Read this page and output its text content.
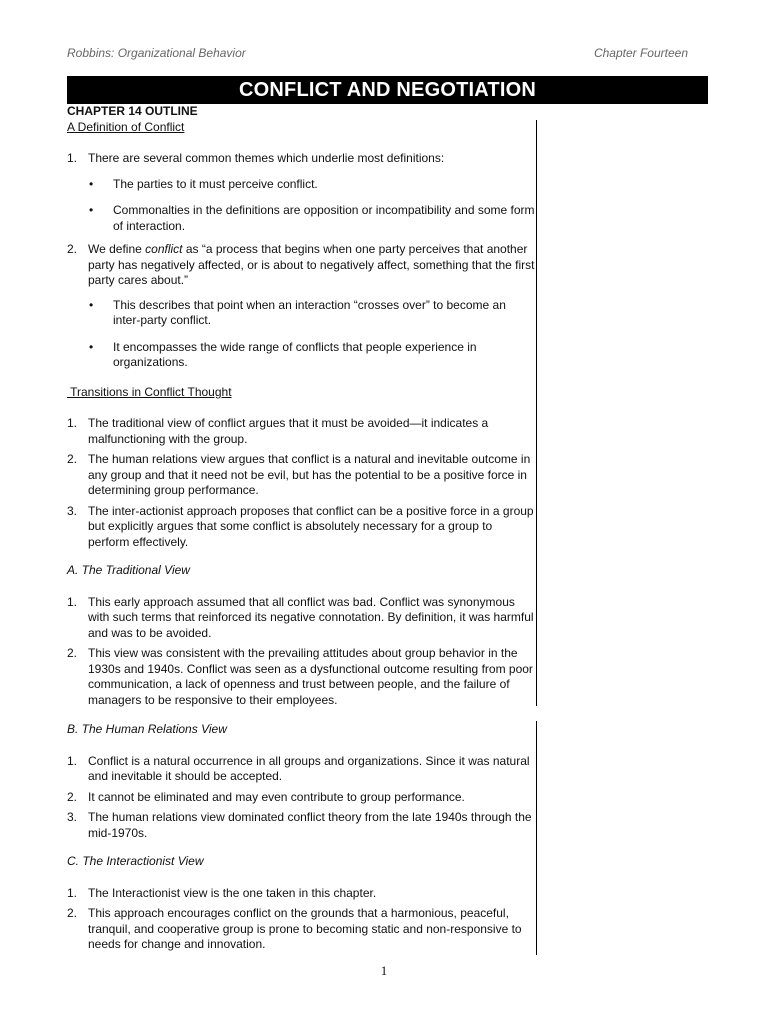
Robbins: Organizational Behavior	Chapter Fourteen
CONFLICT AND NEGOTIATION

CHAPTER 14 OUTLINE

A Definition of Conflict

1. There are several common themes which underlie most definitions:

• The parties to it must perceive conflict.

• Commonalties in the definitions are opposition or incompatibility and some form of interaction.

2. We define conflict as “a process that begins when one party perceives that another party has negatively affected, or is about to negatively affect, something that the first party cares about.”

• This describes that point when an interaction “crosses over” to become an inter-party conflict.

• It encompasses the wide range of conflicts that people experience in organizations.

Transitions in Conflict Thought

1. The traditional view of conflict argues that it must be avoided—it indicates a malfunctioning with the group.

2. The human relations view argues that conflict is a natural and inevitable outcome in any group and that it need not be evil, but has the potential to be a positive force in determining group performance.

3. The inter-actionist approach proposes that conflict can be a positive force in a group but explicitly argues that some conflict is absolutely necessary for a group to perform effectively.

A. The Traditional View

1. This early approach assumed that all conflict was bad. Conflict was synonymous with such terms that reinforced its negative connotation. By definition, it was harmful and was to be avoided.

2. This view was consistent with the prevailing attitudes about group behavior in the 1930s and 1940s. Conflict was seen as a dysfunctional outcome resulting from poor communication, a lack of openness and trust between people, and the failure of managers to be responsive to their employees.

B. The Human Relations View

1. Conflict is a natural occurrence in all groups and organizations. Since it was natural and inevitable it should be accepted.

2. It cannot be eliminated and may even contribute to group performance.

3. The human relations view dominated conflict theory from the late 1940s through the mid-1970s.

C. The Interactionist View

1. The Interactionist view is the one taken in this chapter.

2. This approach encourages conflict on the grounds that a harmonious, peaceful, tranquil, and cooperative group is prone to becoming static and non-responsive to needs for change and innovation.

1
